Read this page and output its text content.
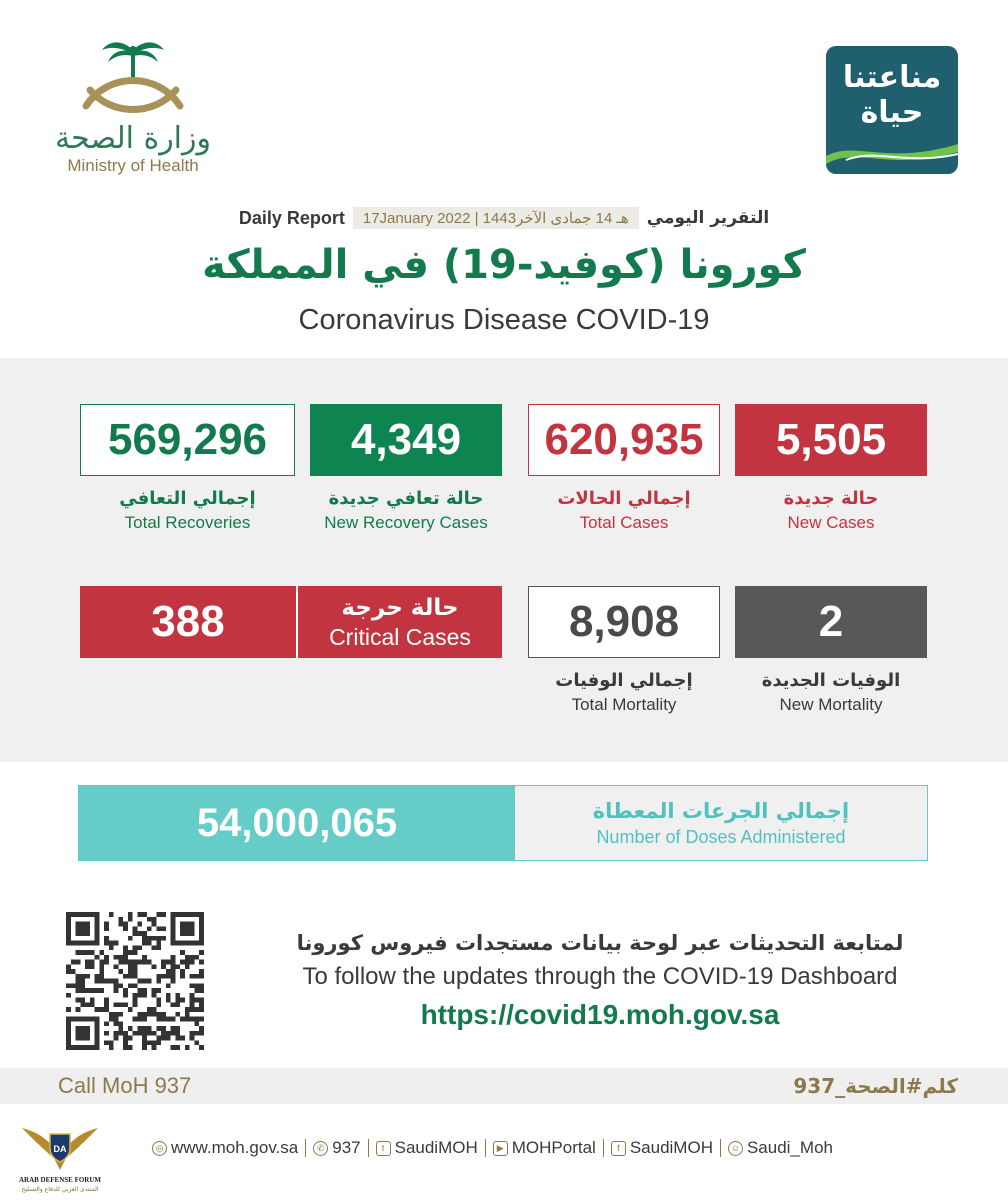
وزارة الصحة
Ministry of Health
مناعتنا
حياة
Daily Report	17January 2022 | 1443هـ 14 جمادى الآخر	التقرير اليومي
كورونا (كوفيد-19) في المملكة
Coronavirus Disease COVID-19
569,296
إجمالي التعافي
Total Recoveries
4,349
حالة تعافي جديدة
New Recovery Cases
620,935
إجمالي الحالات
Total Cases
5,505
حالة جديدة
New Cases
388	حالة حرجة
Critical Cases	8,908
إجمالي الوفيات
Total Mortality
2
الوفيات الجديدة
New Mortality
54,000,065	إجمالي الجرعات المعطاة
Number of Doses Administered
لمتابعة التحديثات عبر لوحة بيانات مستجدات فيروس كورونا
To follow the updates through the COVID-19 Dashboard
https://covid19.moh.gov.sa
Call MoH 937	كلم#الصحة_937
DA
ARAB DEFENSE FORUM
المنتدى العربي للدفاع والتسليح
◎ www.moh.gov.sa	✆ 937	t SaudiMOH	▶ MOHPortal	f SaudiMOH	☺ Saudi_Moh
